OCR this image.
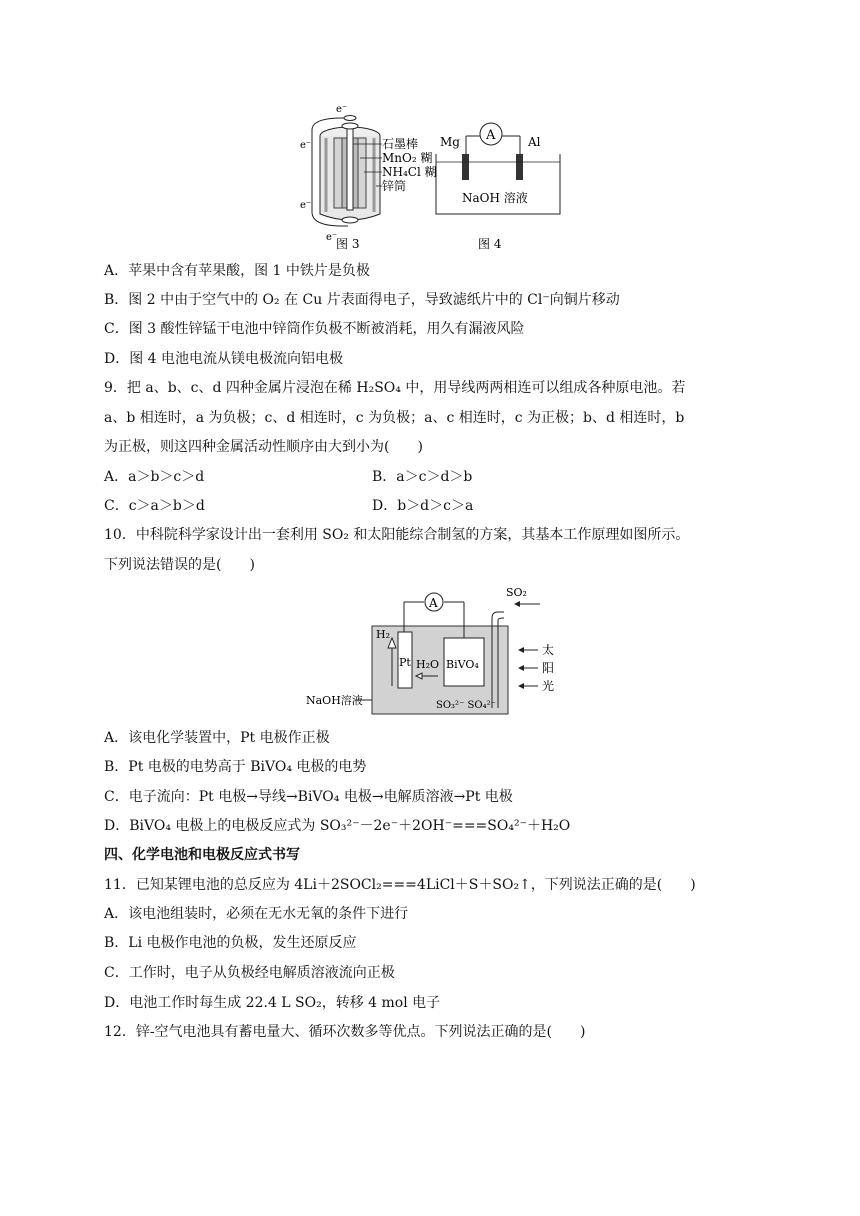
石墨棒
MnO₂ 糊
NH₄Cl 糊
锌筒
e⁻
e⁻
e⁻
e⁻
图 3
A
Mg	Al
NaOH 溶液
图 4
A．苹果中含有苹果酸，图 1 中铁片是负极
B．图 2 中由于空气中的 O₂ 在 Cu 片表面得电子，导致滤纸片中的 Cl⁻向铜片移动
C．图 3 酸性锌锰干电池中锌筒作负极不断被消耗，用久有漏液风险
D．图 4 电池电流从镁电极流向铝电极
9．把 a、b、c、d 四种金属片浸泡在稀 H₂SO₄ 中，用导线两两相连可以组成各种原电池。若
a、b 相连时，a 为负极；c、d 相连时，c 为负极；a、c 相连时，c 为正极；b、d 相连时，b
为正极，则这四种金属活动性顺序由大到小为(　　)
A．a＞b＞c＞d	B．a＞c＞d＞b
C．c＞a＞b＞d	D．b＞d＞c＞a
10．中科院科学家设计出一套利用 SO₂ 和太阳能综合制氢的方案，其基本工作原理如图所示。
下列说法错误的是(　　)
A
SO₂
Pt
H₂
BiVO₄
H₂O
SO₃²⁻ SO₄²⁻
太
阳
光
NaOH溶液
A．该电化学装置中，Pt 电极作正极
B．Pt 电极的电势高于 BiVO₄ 电极的电势
C．电子流向：Pt 电极→导线→BiVO₄ 电极→电解质溶液→Pt 电极
D．BiVO₄ 电极上的电极反应式为 SO₃²⁻－2e⁻＋2OH⁻===SO₄²⁻＋H₂O
四、化学电池和电极反应式书写
11．已知某锂电池的总反应为 4Li＋2SOCl₂===4LiCl＋S＋SO₂↑，下列说法正确的是(　　)
A．该电池组装时，必须在无水无氧的条件下进行
B．Li 电极作电池的负极，发生还原反应
C．工作时，电子从负极经电解质溶液流向正极
D．电池工作时每生成 22.4 L SO₂，转移 4 mol 电子
12．锌-空气电池具有蓄电量大、循环次数多等优点。下列说法正确的是(　　)
